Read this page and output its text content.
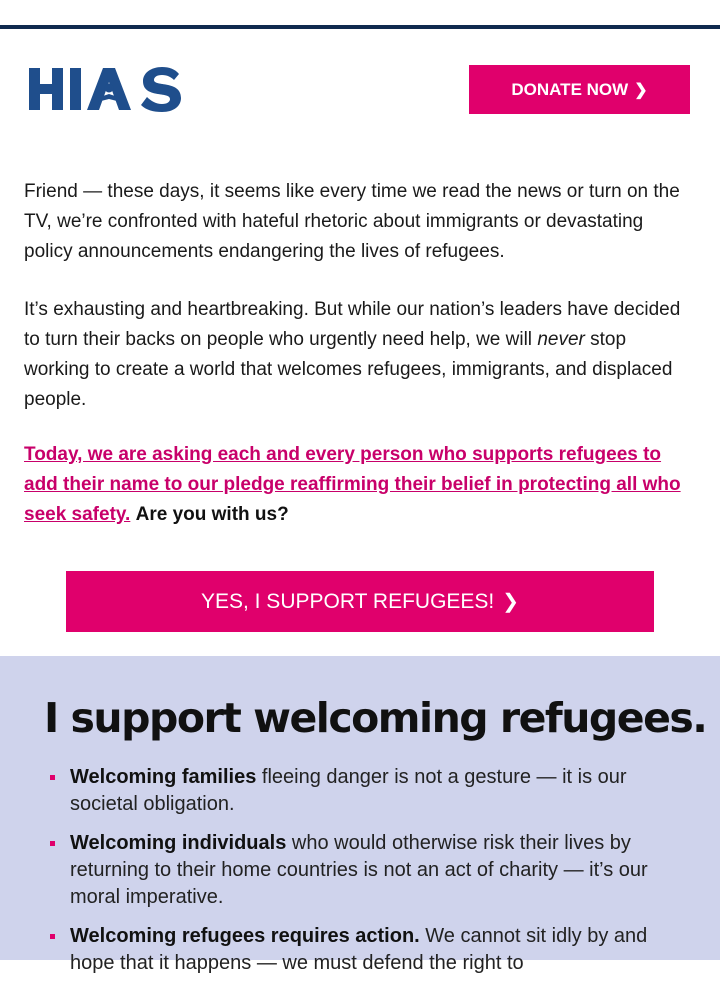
DONATE NOW ❯

Friend — these days, it seems like every time we read the news or turn on the TV, we’re confronted with hateful rhetoric about immigrants or devastating policy announcements endangering the lives of refugees.

It’s exhausting and heartbreaking. But while our nation’s leaders have decided to turn their backs on people who urgently need help, we will never stop working to create a world that welcomes refugees, immigrants, and displaced people.

Today, we are asking each and every person who supports refugees to add their name to our pledge reaffirming their belief in protecting all who seek safety. Are you with us?

YES, I SUPPORT REFUGEES! ❯
I support welcoming refugees.
Welcoming families fleeing danger is not a gesture — it is our societal obligation.
Welcoming individuals who would otherwise risk their lives by returning to their home countries is not an act of charity — it’s our moral imperative.
Welcoming refugees requires action. We cannot sit idly by and hope that it happens — we must defend the right to
